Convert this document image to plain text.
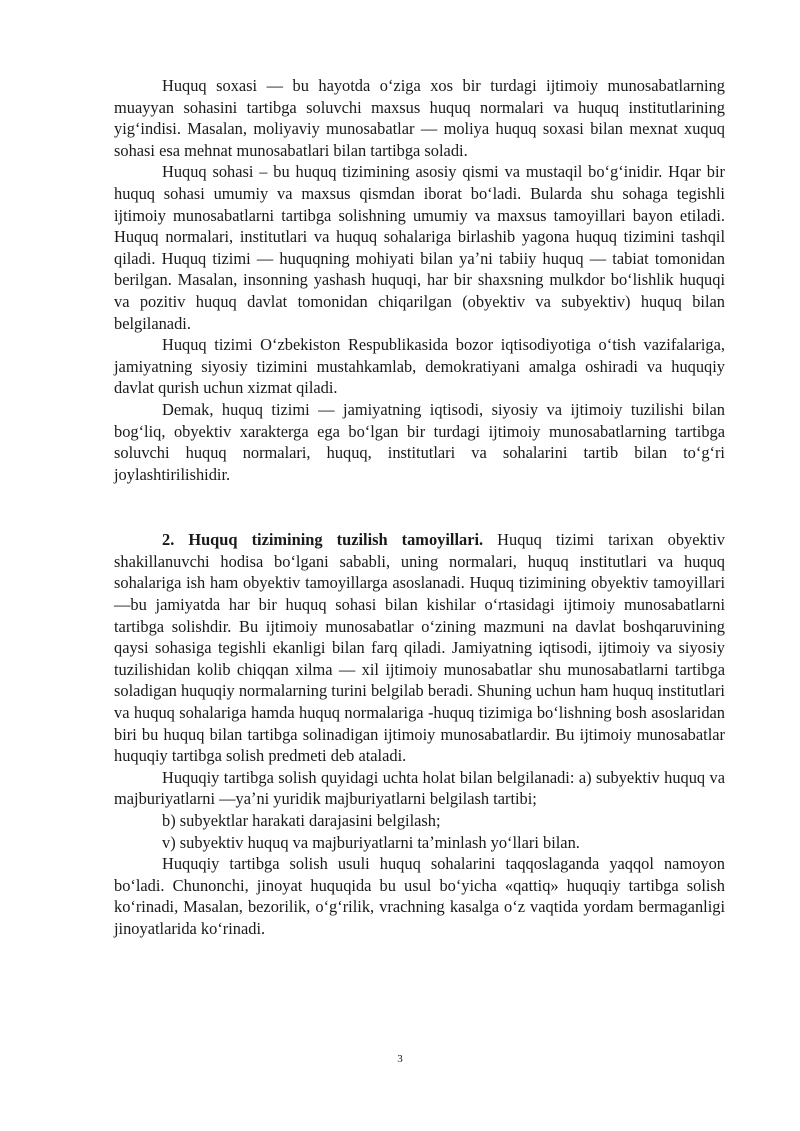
Huquq soxasi — bu hayotda oʻziga xos bir turdagi ijtimoiy munosabatlarning muayyan sohasini tartibga soluvchi maxsus huquq normalari va huquq institutlarining yigʻindisi. Masalan, moliyaviy munosabatlar — moliya huquq soxasi bilan mexnat xuquq sohasi esa mehnat munosabatlari bilan tartibga soladi.

Huquq sohasi – bu huquq tizimining asosiy qismi va mustaqil boʻgʻinidir. Hqar bir huquq sohasi umumiy va maxsus qismdan iborat boʻladi. Bularda shu sohaga tegishli ijtimoiy munosabatlarni tartibga solishning umumiy va maxsus tamoyillari bayon etiladi. Huquq normalari, institutlari va huquq sohalariga birlashib yagona huquq tizimini tashqil qiladi. Huquq tizimi — huquqning mohiyati bilan yaʼni tabiiy huquq — tabiat tomonidan berilgan. Masalan, insonning yashash huquqi, har bir shaxsning mulkdor boʻlishlik huquqi va pozitiv huquq davlat tomonidan chiqarilgan (obyektiv va subyektiv) huquq bilan belgilanadi.

Huquq tizimi Oʻzbekiston Respublikasida bozor iqtisodiyotiga oʻtish vazifalariga, jamiyatning siyosiy tizimini mustahkamlab, demokratiyani amalga oshiradi va huquqiy davlat qurish uchun xizmat qiladi.

Demak, huquq tizimi — jamiyatning iqtisodi, siyosiy va ijtimoiy tuzilishi bilan bogʻliq, obyektiv xarakterga ega boʻlgan bir turdagi ijtimoiy munosabatlarning tartibga soluvchi huquq normalari, huquq, institutlari va sohalarini tartib bilan toʻgʻri joylashtirilishidir.

2. Huquq tizimining tuzilish tamoyillari. Huquq tizimi tarixan obyektiv shakillanuvchi hodisa boʻlgani sababli, uning normalari, huquq institutlari va huquq sohalariga ish ham obyektiv tamoyillarga asoslanadi. Huquq tizimining obyektiv tamoyillari —bu jamiyatda har bir huquq sohasi bilan kishilar oʻrtasidagi ijtimoiy munosabatlarni tartibga solishdir. Bu ijtimoiy munosabatlar oʻzining mazmuni na davlat boshqaruvining qaysi sohasiga tegishli ekanligi bilan farq qiladi. Jamiyatning iqtisodi, ijtimoiy va siyosiy tuzilishidan kolib chiqqan xilma — xil ijtimoiy munosabatlar shu munosabatlarni tartibga soladigan huquqiy normalarning turini belgilab beradi. Shuning uchun ham huquq institutlari va huquq sohalariga hamda huquq normalariga -huquq tizimiga boʻlishning bosh asoslaridan biri bu huquq bilan tartibga solinadigan ijtimoiy munosabatlardir. Bu ijtimoiy munosabatlar huquqiy tartibga solish predmeti deb ataladi.

Huquqiy tartibga solish quyidagi uchta holat bilan belgilanadi: a) subyektiv huquq va majburiyatlarni —yaʼni yuridik majburiyatlarni belgilash tartibi;

b) subyektlar harakati darajasini belgilash;

v) subyektiv huquq va majburiyatlarni taʼminlash yoʻllari bilan.

Huquqiy tartibga solish usuli huquq sohalarini taqqoslaganda yaqqol namoyon boʻladi. Chunonchi, jinoyat huquqida bu usul boʻyicha «qattiq» huquqiy tartibga solish koʻrinadi, Masalan, bezorilik, oʻgʻrilik, vrachning kasalga oʻz vaqtida yordam bermaganligi jinoyatlarida koʻrinadi.

3
